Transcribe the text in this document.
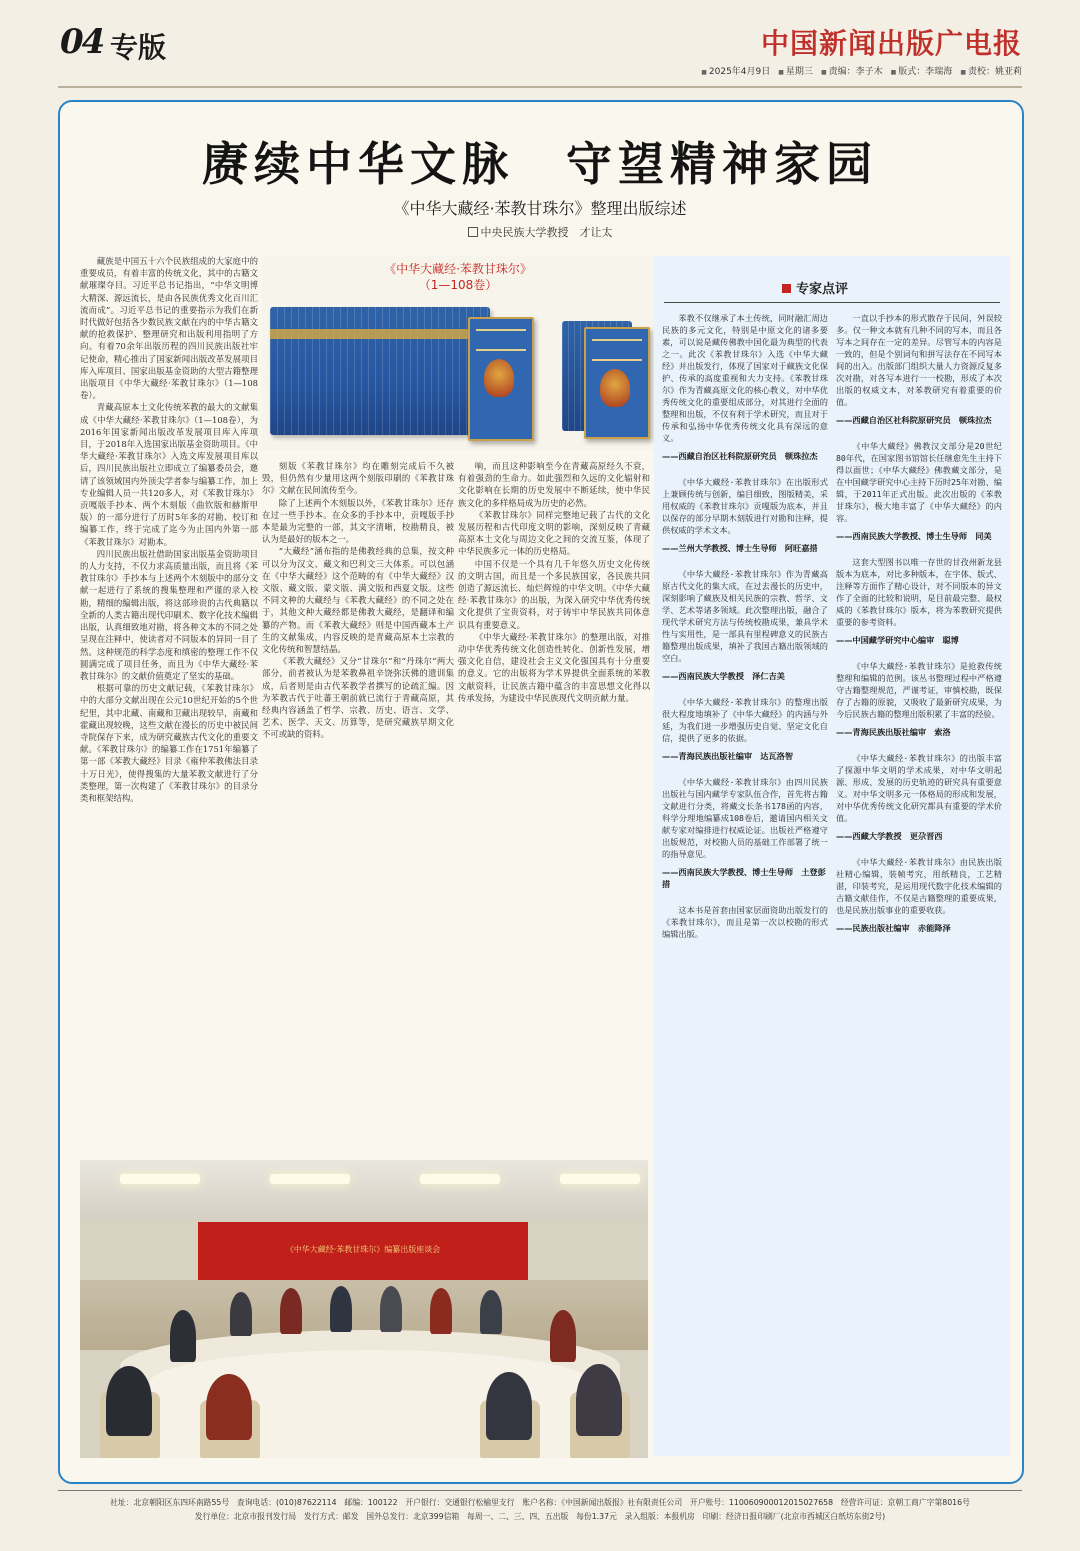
04 专版	中国新闻出版广电报
■ 2025年4月9日	■ 星期三	■ 责编：李子木	■ 版式：李瑞海	■ 责校：姚亚莉
赓续中华文脉　守望精神家园
《中华大藏经·苯教甘珠尔》整理出版综述
中央民族大学教授　才让太
《中华大藏经·苯教甘珠尔》
（1—108卷）

藏族是中国五十六个民族组成的大家庭中的重要成员，有着丰富的传统文化，其中的古籍文献璀璨夺目。习近平总书记指出，“中华文明博大精深、源远流长，是由各民族优秀文化百川汇流而成”。习近平总书记的重要指示为我们在新时代做好包括各少数民族文献在内的中华古籍文献的抢救保护、整理研究和出版利用指明了方向。有着70余年出版历程的四川民族出版社牢记使命，精心推出了国家新闻出版改革发展项目库入库项目、国家出版基金资助的大型古籍整理出版项目《中华大藏经·苯教甘珠尔》（1—108卷）。

青藏高原本土文化传统苯教的最大的文献集成《中华大藏经·苯教甘珠尔》（1—108卷），为2016年国家新闻出版改革发展项目库入库项目，于2018年入选国家出版基金资助项目。《中华大藏经·苯教甘珠尔》入选文库发展项目库以后，四川民族出版社立即成立了编纂委员会，邀请了该领域国内外顶尖学者参与编纂工作，加上专业编辑人员一共120多人，对《苯教甘珠尔》贡嘎版手抄本、两个木刻版（曲钦版和赫斯甲版）的一部分进行了历时5年多的对勘、校订和编纂工作，终于完成了迄今为止国内外第一部《苯教甘珠尔》对勘本。

四川民族出版社借助国家出版基金资助项目的人力支持，不仅力求高质量出版，而且将《苯教甘珠尔》手抄本与上述两个木刻版中的部分文献一起进行了系统的搜集整理和严谨的录入校勘，精细的编辑出版，将这部珍贵的古代典籍以全新的人类古籍出现代印刷术、数字化技术编辑出版，认真细致地对勘，将各种文本的不同之处呈现在注释中，使读者对不同版本的异同一目了然。这种规范的科学态度和缜密的整理工作不仅圆满完成了项目任务，而且为《中华大藏经·苯教甘珠尔》的文献价值奠定了坚实的基础。

根据可靠的历史文献记载，《苯教甘珠尔》中的大部分文献出现在公元10世纪开始的5个世纪里，其中北藏、南藏和卫藏出现较早，南藏和霍藏出现较晚，这些文献在漫长的历史中被民间寺院保存下来，成为研究藏族古代文化的重要文献。《苯教甘珠尔》的编纂工作在1751年编纂了第一部《苯教大藏经》目录《雍仲苯教佛法目录十万日光》，使得搜集的大量苯教文献进行了分类整理，第一次构建了《苯教甘珠尔》的目录分类和框架结构。

刻版《苯教甘珠尔》均在雕刻完成后不久被毁，但仍然有少量用这两个刻版印刷的《苯教甘珠尔》文献在民间流传至今。

除了上述两个木刻版以外，《苯教甘珠尔》还存在过一些手抄本。在众多的手抄本中，贡嘎版手抄本是最为完整的一部，其文字清晰，校勘精良，被认为是最好的版本之一。

“大藏经”涵布指的是佛教经典的总集，按文种可以分为汉文、藏文和巴利文三大体系。可以包涵在《中华大藏经》这个范畴的有《中华大藏经》汉文版、藏文版、蒙文版、满文版和西夏文版。这些不同文种的大藏经与《苯教大藏经》的不同之处在于，其他文种大藏经都是佛教大藏经，是翻译和编纂的产物。而《苯教大藏经》则是中国西藏本土产生的文献集成，内容反映的是青藏高原本土宗教的文化传统和智慧结晶。

《苯教大藏经》又分“甘珠尔”和“丹珠尔”两大部分，前者被认为是苯教鼻祖辛饶弥沃佛的遗训集成，后者则是由古代苯教学者撰写的论疏汇编。因为苯教古代于吐蕃王朝前就已流行于青藏高原，其经典内容涵盖了哲学、宗教、历史、语言、文学、艺术、医学、天文、历算等，是研究藏族早期文化不可或缺的资料。

响，而且这种影响至今在青藏高原经久不衰，有着强劲的生命力。如此强烈和久远的文化辐射和文化影响在长期的历史发展中不断延续，使中华民族文化的多样格局成为历史的必然。

《苯教甘珠尔》同样完整地记载了古代的文化发展历程和古代印度文明的影响，深刻反映了青藏高原本土文化与周边文化之间的交流互鉴，体现了中华民族多元一体的历史格局。

中国不仅是一个具有几千年悠久历史文化传统的文明古国，而且是一个多民族国家，各民族共同创造了源远流长、灿烂辉煌的中华文明。《中华大藏经·苯教甘珠尔》的出版，为深入研究中华优秀传统文化提供了宝贵资料，对于铸牢中华民族共同体意识具有重要意义。

《中华大藏经·苯教甘珠尔》的整理出版，对推动中华优秀传统文化创造性转化、创新性发展，增强文化自信，建设社会主义文化强国具有十分重要的意义。它的出版将为学术界提供全面系统的苯教文献资料，让民族古籍中蕴含的丰富思想文化得以传承发扬，为建设中华民族现代文明贡献力量。

《中华大藏经·苯教甘珠尔》编纂出版座谈会
专家点评

苯教不仅继承了本土传统，同时融汇周边民族的多元文化，特别是中原文化的诸多要素，可以说是藏传佛教中国化最为典型的代表之一。此次《苯教甘珠尔》入选《中华大藏经》并出版发行，体现了国家对于藏族文化保护、传承的高度重视和大力支持。《苯教甘珠尔》作为青藏高原文化的核心教义，对中华优秀传统文化的重要组成部分，对其进行全面的整理和出版，不仅有利于学术研究，而且对于传承和弘扬中华优秀传统文化具有深远的意义。

—— 西藏自治区社科院原研究员　顿珠拉杰

《中华大藏经·苯教甘珠尔》在出版形式上兼顾传统与创新，编目细致，图版精美，采用权威的《苯教甘珠尔》贡嘎版为底本，并且以保存的部分早期木刻版进行对勘和注释，提供权威的学术文本。

—— 兰州大学教授、博士生导师　阿旺嘉措

《中华大藏经·苯教甘珠尔》作为青藏高原古代文化的集大成，在过去漫长的历史中，深刻影响了藏族及相关民族的宗教、哲学、文学、艺术等诸多领域。此次整理出版，融合了现代学术研究方法与传统校勘成果，兼具学术性与实用性，是一部具有里程碑意义的民族古籍整理出版成果，填补了我国古籍出版领域的空白。

—— 西南民族大学教授　泽仁吉美

《中华大藏经·苯教甘珠尔》的整理出版很大程度地填补了《中华大藏经》的内涵与外延，为我们进一步增强历史自觉、坚定文化自信，提供了更多的依据。

—— 青海民族出版社编审　达瓦洛智

《中华大藏经·苯教甘珠尔》由四川民族出版社与国内藏学专家队伍合作，首先将古籍文献进行分类，将藏文长条书178函的内容，科学分理地编纂成108卷后，邀请国内相关文献专家对编排进行权威论证。出版社严格遵守出版规范，对校勘人员的基础工作部署了统一的指导意见。

—— 西南民族大学教授、博士生导师　土登彭措

这本书是首套由国家层面资助出版发行的《苯教甘珠尔》，而且是第一次以校勘的形式编辑出版。

一直以手抄本的形式散存于民间，舛误较多。仅一种文本就有几种不同的写本，而且各写本之间存在一定的差异。尽管写本的内容是一致的，但是个别词句和拼写法存在不同写本间的出入。出版部门组织大量人力资源反复多次对勘，对各写本进行一一校勘，形成了本次出版的权威文本，对苯教研究有着重要的价值。

—— 西藏自治区社科院原研究员　顿珠拉杰

《中华大藏经》佛教汉文部分是20世纪80年代，在国家图书馆馆长任继愈先生主持下得以面世；《中华大藏经》佛教藏文部分，是在中国藏学研究中心主持下历时25年对勘、编辑，于2011年正式出版。此次出版的《苯教甘珠尔》，极大地丰富了《中华大藏经》的内容。

—— 西南民族大学教授、博士生导师　同美

这套大型图书以唯一存世的甘孜州新龙县版本为底本，对比多种版本，在字体、版式、注释等方面作了精心设计，对不同版本的异文作了全面的比较和说明，是目前最完整、最权威的《苯教甘珠尔》版本，将为苯教研究提供重要的参考资料。

—— 中国藏学研究中心编审　聪博

《中华大藏经·苯教甘珠尔》是抢救传统整理和编辑的范例。该丛书整理过程中严格遵守古籍整理规范，严谨考证，审慎校勘，既保存了古籍的原貌，又吸收了最新研究成果，为今后民族古籍的整理出版积累了丰富的经验。

—— 青海民族出版社编审　索洛

《中华大藏经·苯教甘珠尔》的出版丰富了探源中华文明的学术成果，对中华文明起源、形成、发展的历史轨迹的研究具有重要意义。对中华文明多元一体格局的形成和发展，对中华优秀传统文化研究都具有重要的学术价值。

—— 西藏大学教授　更尕晋西

《中华大藏经·苯教甘珠尔》由民族出版社精心编辑，装帧考究，用纸精良，工艺精湛，印装考究，是运用现代数字化技术编辑的古籍文献佳作，不仅是古籍整理的重要成果，也是民族出版事业的重要收获。

—— 民族出版社编审　赤能降泽

社址：北京朝阳区东四环南路55号　查询电话：(010)87622114　邮编：100122　开户银行：交通银行松榆里支行　账户名称：《中国新闻出版报》社有限责任公司　开户账号：110060900012015027658　经营许可证：京朝工商广字第8016号
发行单位：北京市报刊发行局　发行方式：邮发　国外总发行：北京399信箱　每周一、二、三、四、五出版　每份1.37元　录入组版：本报机房　印刷：经济日报印刷厂(北京市西城区白纸坊东街2号)
